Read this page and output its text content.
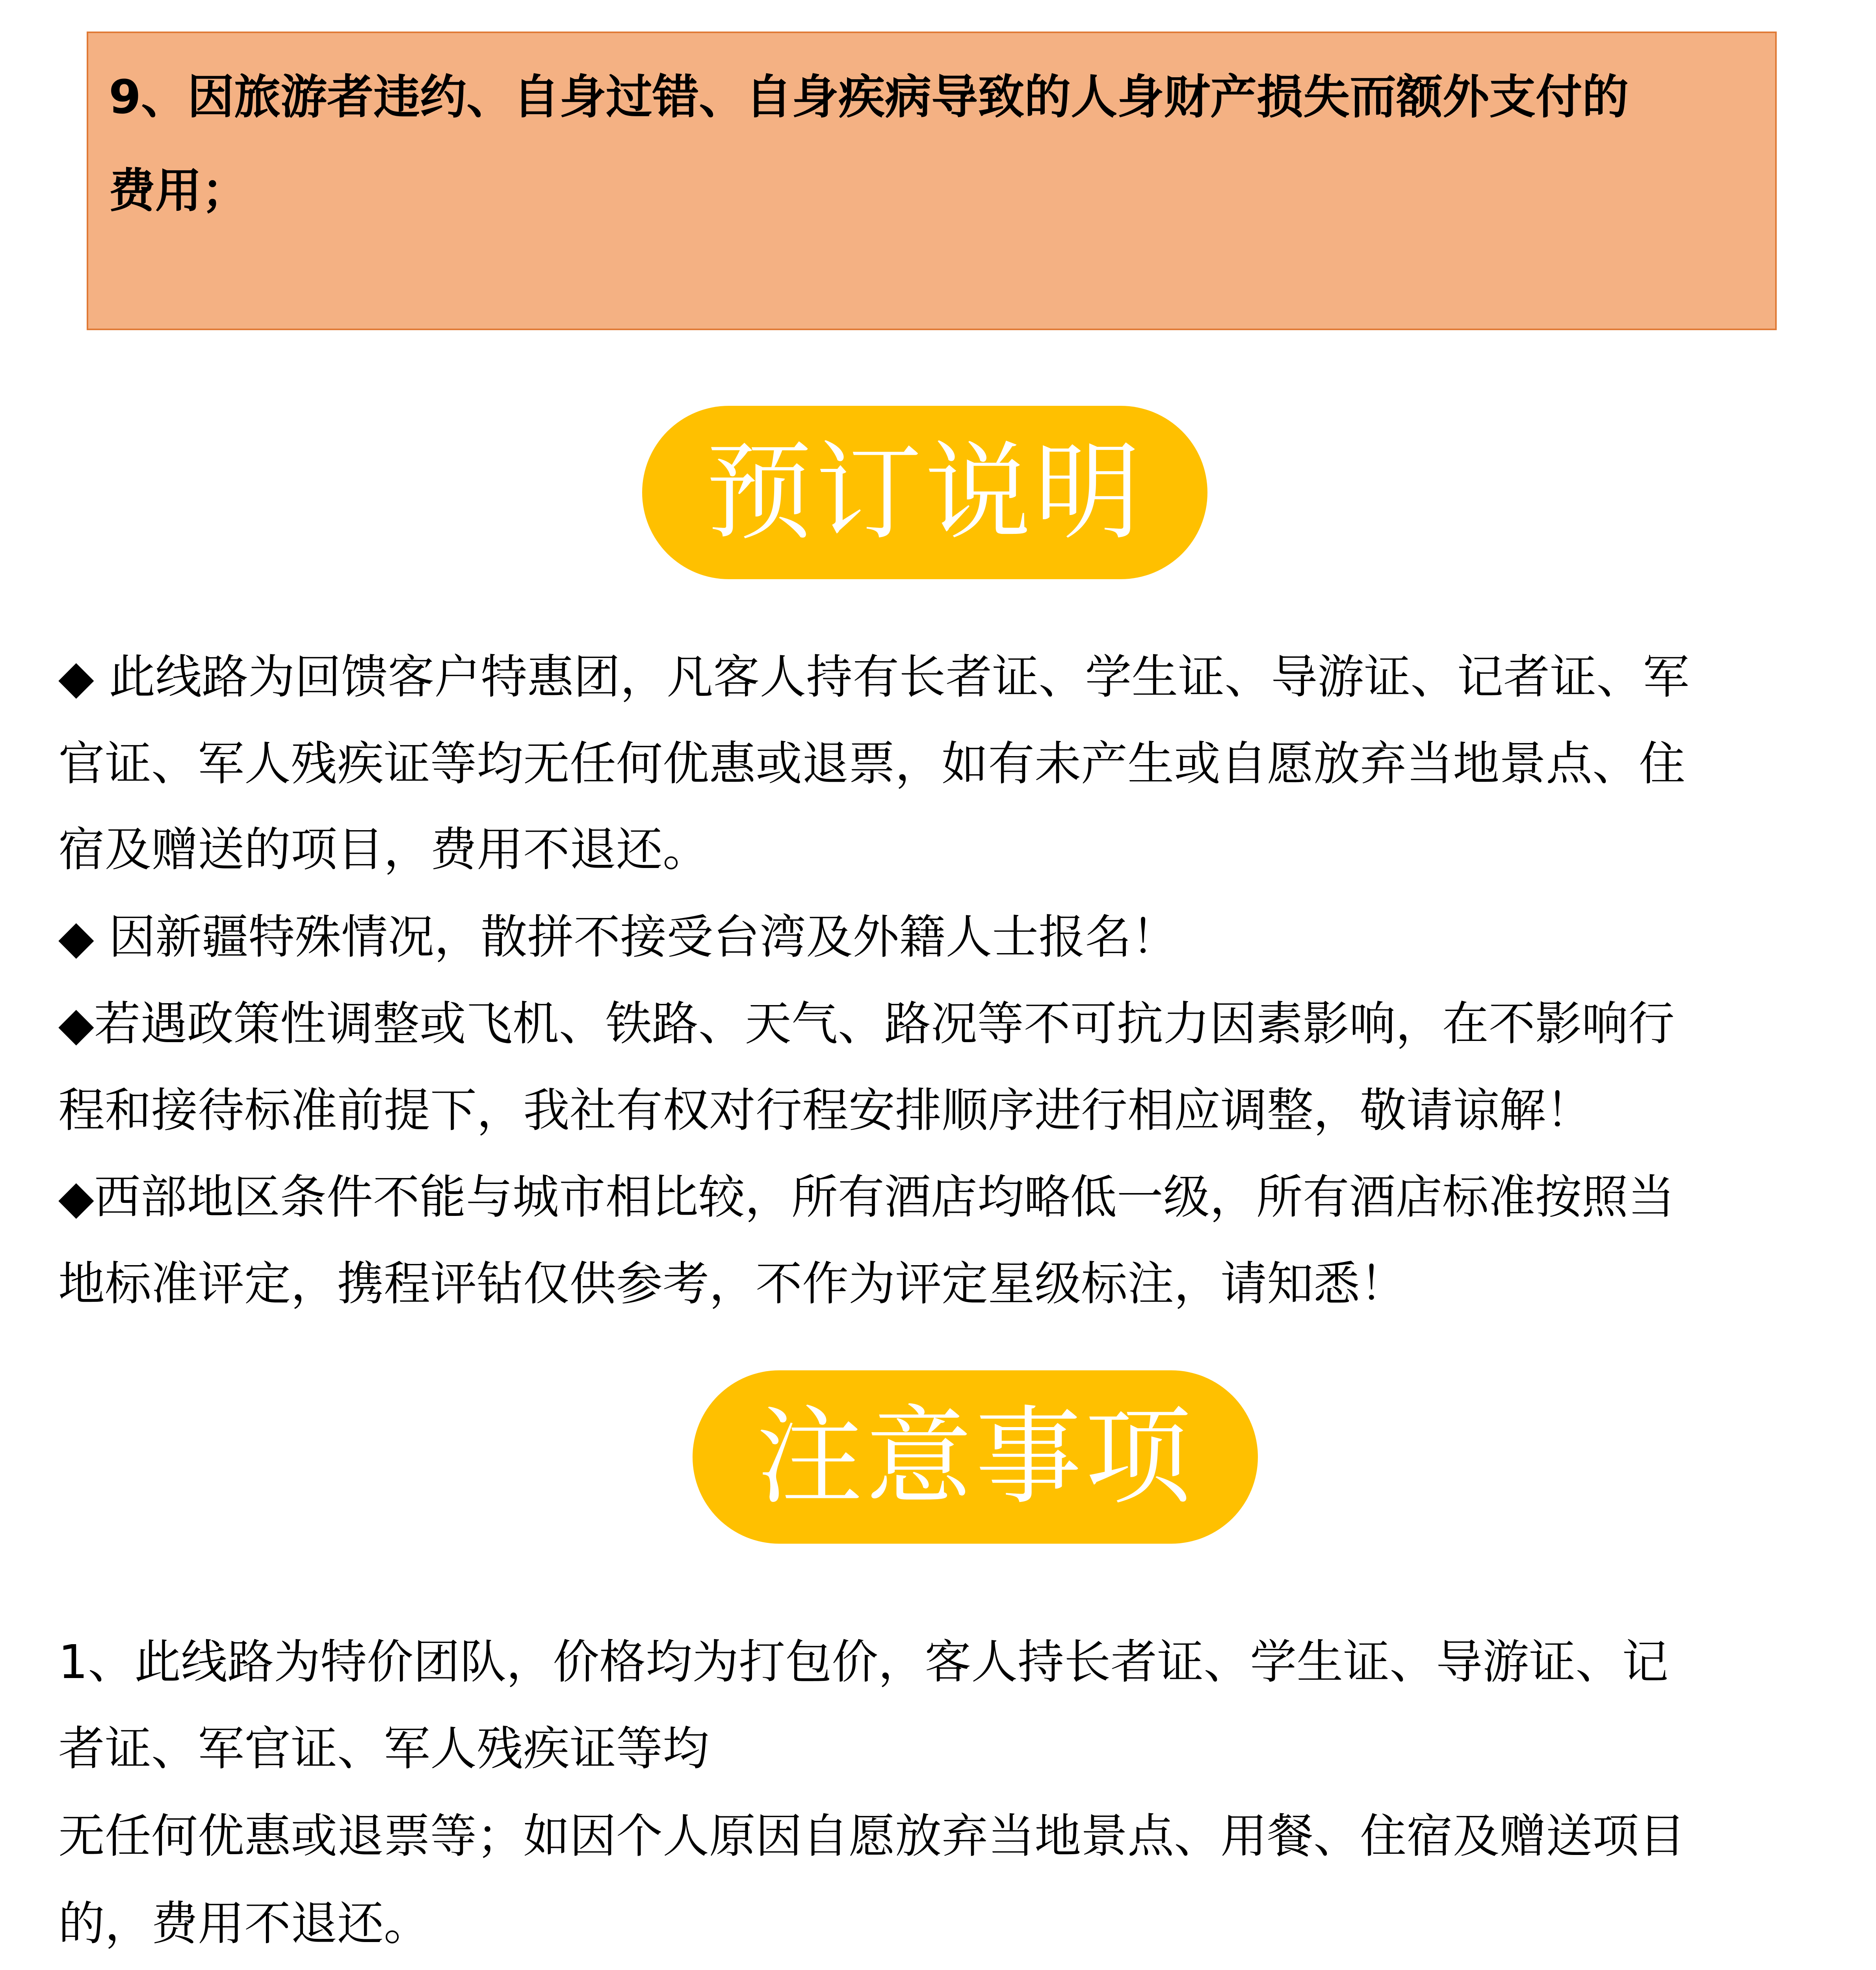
9、因旅游者违约、自身过错、自身疾病导致的人身财产损失而额外支付的
费用；
预订说明
◆ 此线路为回馈客户特惠团，凡客人持有长者证、学生证、导游证、记者证、军
官证、军人残疾证等均无任何优惠或退票，如有未产生或自愿放弃当地景点、住
宿及赠送的项目，费用不退还。
◆ 因新疆特殊情况，散拼不接受台湾及外籍人士报名！
◆若遇政策性调整或飞机、铁路、天气、路况等不可抗力因素影响，在不影响行
程和接待标准前提下，我社有权对行程安排顺序进行相应调整，敬请谅解！
◆西部地区条件不能与城市相比较，所有酒店均略低一级，所有酒店标准按照当
地标准评定，携程评钻仅供参考，不作为评定星级标注，请知悉！
注意事项
1、此线路为特价团队，价格均为打包价，客人持长者证、学生证、导游证、记
者证、军官证、军人残疾证等均
无任何优惠或退票等；如因个人原因自愿放弃当地景点、用餐、住宿及赠送项目
的，费用不退还。
